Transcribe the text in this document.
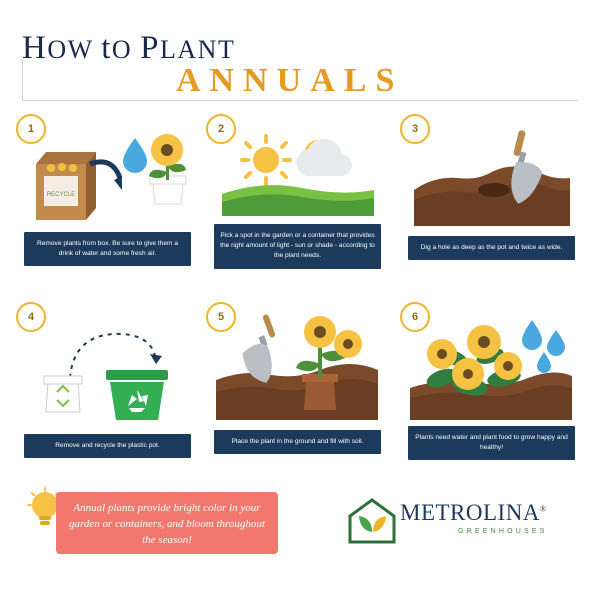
HOW tO PLANT
ANNUALS
1
RECYCLE
Remove plants from box. Be sure to give them a drink of water and some fresh air.
2
Pick a spot in the garden or a container that provides the right amount of light - sun or shade - according to the plant needs.
3
Dig a hole as deep as the pot and twice as wide.
4
Remove and recycle the plastic pot.
5
Place the plant in the ground and fill with soil.
6
Plants need water and plant food to grow happy and healthy!
Annual plants provide bright color in your garden or containers, and bloom throughout the season!
METROLINA®
GREENHOUSES
